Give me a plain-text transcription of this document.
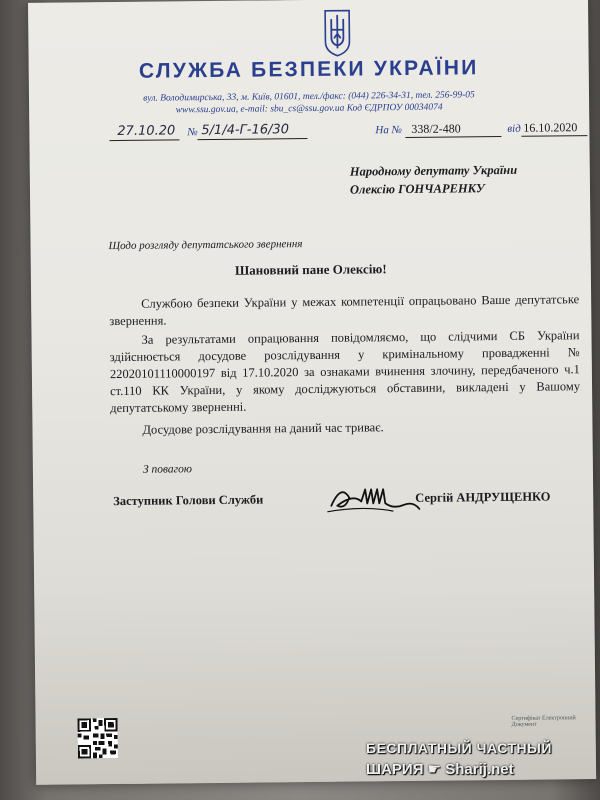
СЛУЖБА БЕЗПЕКИ УКРАЇНИ
вул. Володимирська, 33, м. Київ, 01601, тел./факс: (044) 226-34-31, тел. 256-99-05
www.ssu.gov.ua, e-mail: sbu_cs@ssu.gov.ua Код ЄДРПОУ 00034074
27.10.20 № 5/1/4-Г-16/30	На № 338/2-480	від 16.10.2020
Народному депутату України
Олексію ГОНЧАРЕНКУ
Щодо розгляду депутатського звернення
Шановний пане Олексію!
Службою безпеки України у межах компетенції опрацьовано Ваше депутатське звернення.
За результатами опрацювання повідомляємо, що слідчими СБ України здійснюється досудове розслідування у кримінальному провадженні № 22020101110000197 від 17.10.2020 за ознаками вчинення злочину, передбаченого ч.1 ст.110 КК України, у якому досліджуються обставини, викладені у Вашому депутатському зверненні.
Досудове розслідування на даний час триває.
З повагою
Заступник Голови Служби	Сергій АНДРУЩЕНКО
Сертифікат Електронний Документ
БЕСПЛАТНЫЙ ЧАСТНЫЙ
ШАРИЯ ☛ Sharij.net
